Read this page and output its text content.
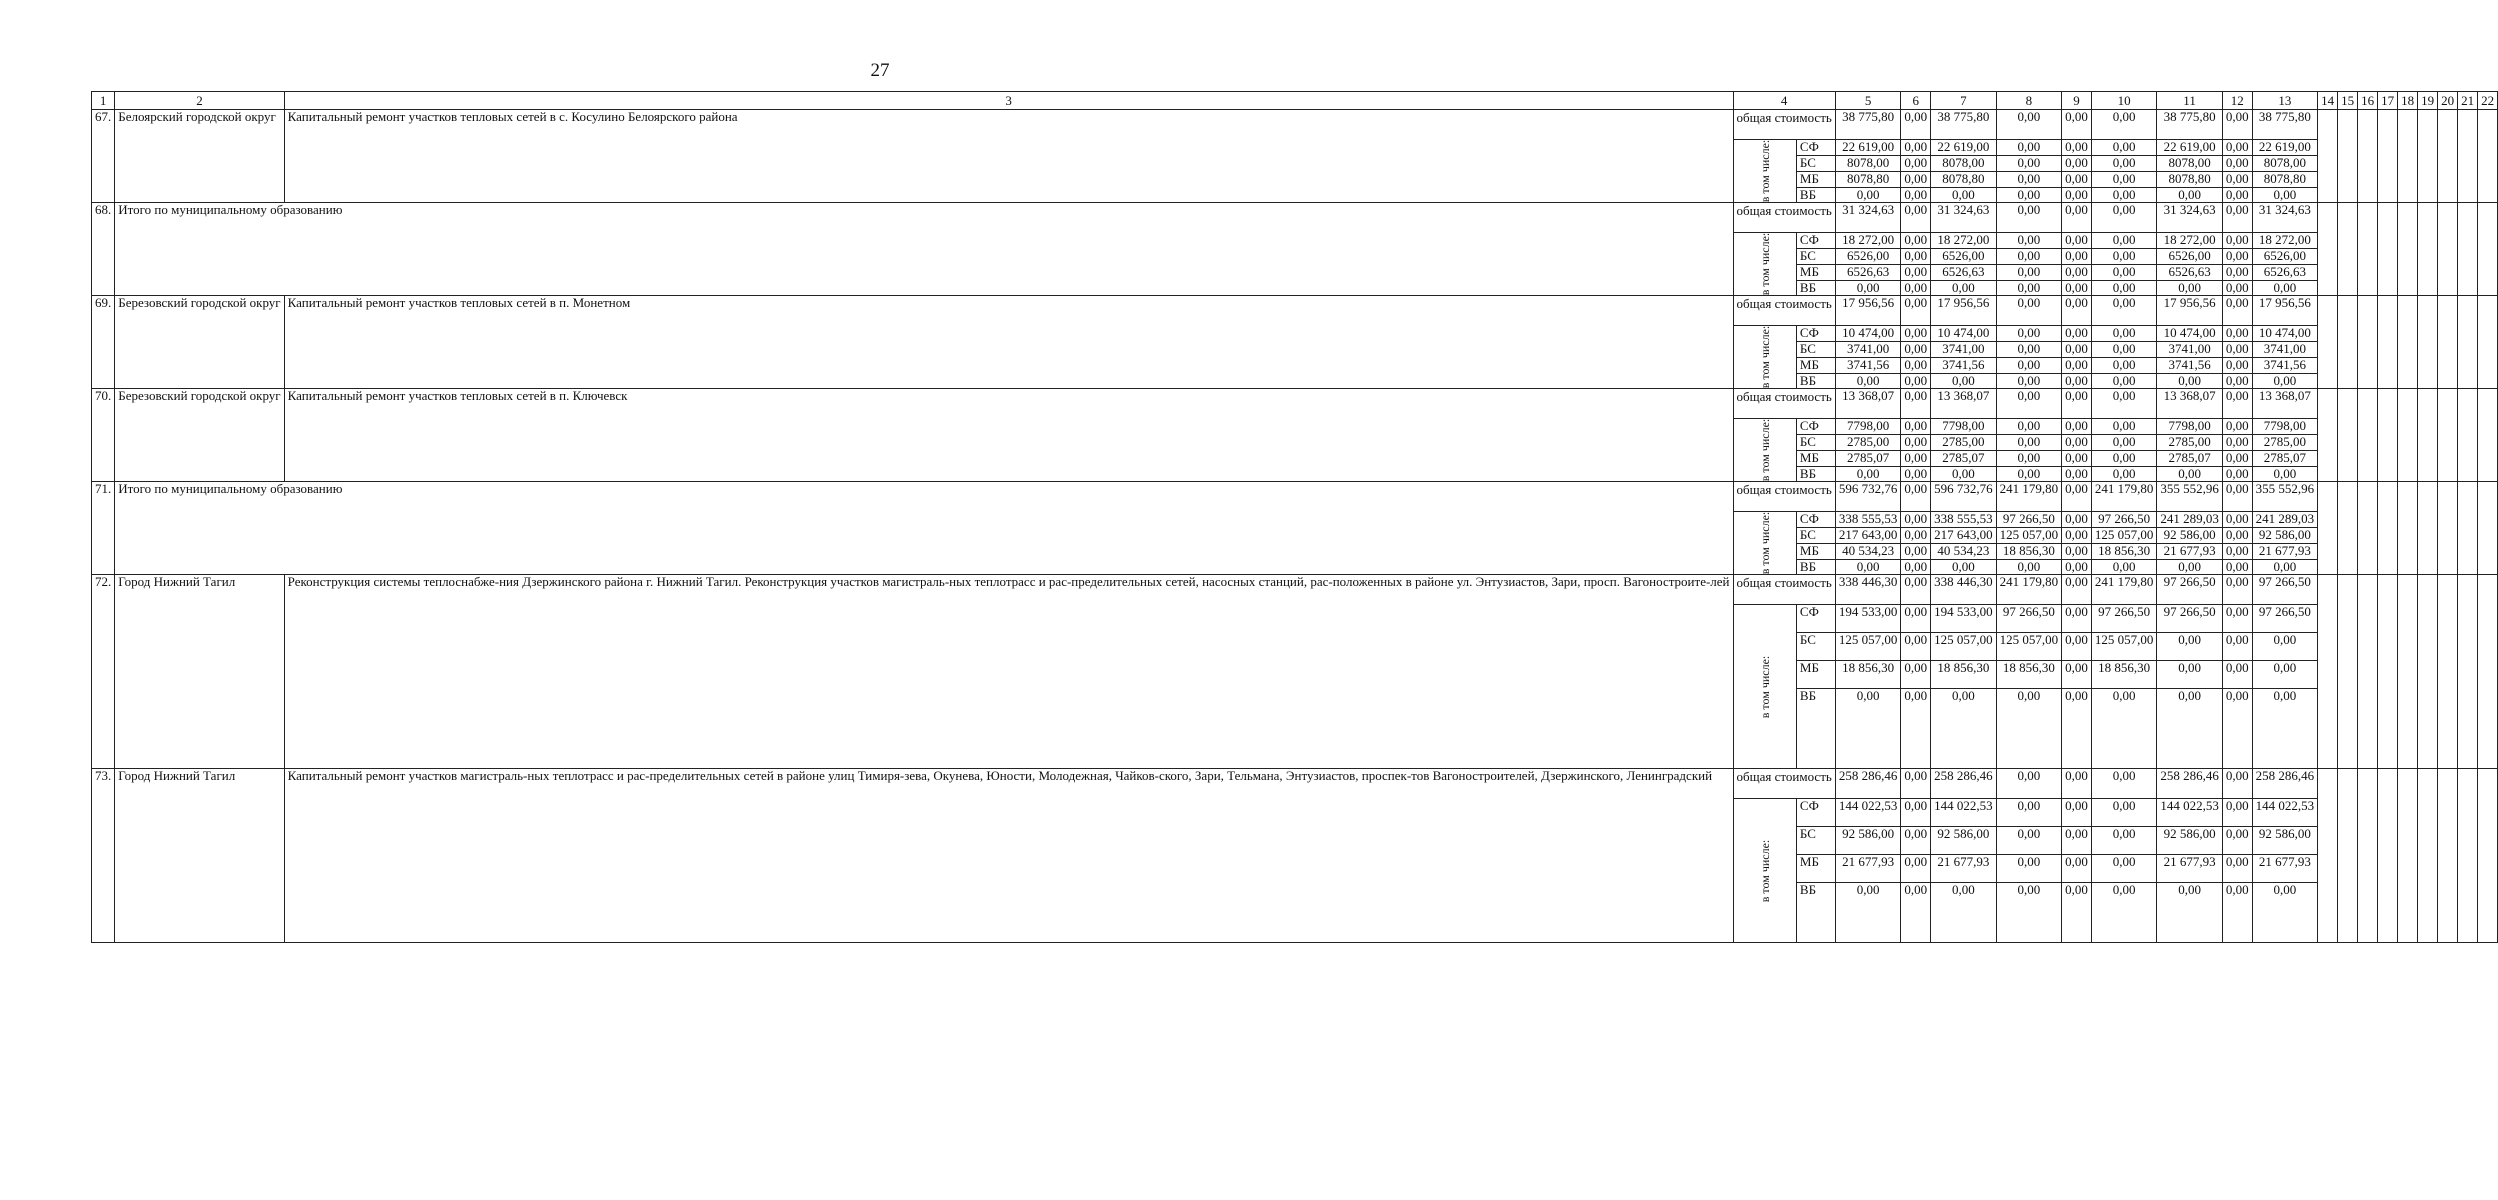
27
1	2	3	4		5	6	7	8	9	10	11	12	13	14	15	16	17	18	19	20	21	22
67.	Белоярский городской округ	Капитальный ремонт участков тепловых сетей в с. Косулино Белоярского района	общая стоимость		38 775,80	0,00	38 775,80	0,00	0,00	0,00	38 775,80	0,00	38 775,80									

			в том числе:	СФ	22 619,00	0,00	22 619,00	0,00	0,00	0,00	22 619,00	0,00	22 619,00									
				БС	8078,00	0,00	8078,00	0,00	0,00	0,00	8078,00	0,00	8078,00									
				МБ	8078,80	0,00	8078,80	0,00	0,00	0,00	8078,80	0,00	8078,80									
				ВБ	0,00	0,00	0,00	0,00	0,00	0,00	0,00	0,00	0,00									
68.	Итого по муниципальному образованию		общая стоимость		31 324,63	0,00	31 324,63	0,00	0,00	0,00	31 324,63	0,00	31 324,63									

			в том числе:	СФ	18 272,00	0,00	18 272,00	0,00	0,00	0,00	18 272,00	0,00	18 272,00									
				БС	6526,00	0,00	6526,00	0,00	0,00	0,00	6526,00	0,00	6526,00									
				МБ	6526,63	0,00	6526,63	0,00	0,00	0,00	6526,63	0,00	6526,63									
				ВБ	0,00	0,00	0,00	0,00	0,00	0,00	0,00	0,00	0,00									
69.	Березовский городской округ	Капитальный ремонт участков тепловых сетей в п. Монетном	общая стоимость		17 956,56	0,00	17 956,56	0,00	0,00	0,00	17 956,56	0,00	17 956,56									

			в том числе:	СФ	10 474,00	0,00	10 474,00	0,00	0,00	0,00	10 474,00	0,00	10 474,00									
				БС	3741,00	0,00	3741,00	0,00	0,00	0,00	3741,00	0,00	3741,00									
				МБ	3741,56	0,00	3741,56	0,00	0,00	0,00	3741,56	0,00	3741,56									
				ВБ	0,00	0,00	0,00	0,00	0,00	0,00	0,00	0,00	0,00									
70.	Березовский городской округ	Капитальный ремонт участков тепловых сетей в п. Ключевск	общая стоимость		13 368,07	0,00	13 368,07	0,00	0,00	0,00	13 368,07	0,00	13 368,07									

			в том числе:	СФ	7798,00	0,00	7798,00	0,00	0,00	0,00	7798,00	0,00	7798,00									
				БС	2785,00	0,00	2785,00	0,00	0,00	0,00	2785,00	0,00	2785,00									
				МБ	2785,07	0,00	2785,07	0,00	0,00	0,00	2785,07	0,00	2785,07									
				ВБ	0,00	0,00	0,00	0,00	0,00	0,00	0,00	0,00	0,00									
71.	Итого по муниципальному образованию		общая стоимость		596 732,76	0,00	596 732,76	241 179,80	0,00	241 179,80	355 552,96	0,00	355 552,96									

			в том числе:	СФ	338 555,53	0,00	338 555,53	97 266,50	0,00	97 266,50	241 289,03	0,00	241 289,03									
				БС	217 643,00	0,00	217 643,00	125 057,00	0,00	125 057,00	92 586,00	0,00	92 586,00									
				МБ	40 534,23	0,00	40 534,23	18 856,30	0,00	18 856,30	21 677,93	0,00	21 677,93									
				ВБ	0,00	0,00	0,00	0,00	0,00	0,00	0,00	0,00	0,00									
72.	Город Нижний Тагил	Реконструкция системы теплоснабже-ния Дзержинского района г. Нижний Тагил. Реконструкция участков магистраль-ных теплотрасс и рас-пределительных сетей, насосных станций, рас-положенных в районе ул. Энтузиастов, Зари, просп. Вагоностроите-лей	общая стоимость		338 446,30	0,00	338 446,30	241 179,80	0,00	241 179,80	97 266,50	0,00	97 266,50									

			в том числе:	СФ	194 533,00	0,00	194 533,00	97 266,50	0,00	97 266,50	97 266,50	0,00	97 266,50									
				БС	125 057,00	0,00	125 057,00	125 057,00	0,00	125 057,00	0,00	0,00	0,00									
				МБ	18 856,30	0,00	18 856,30	18 856,30	0,00	18 856,30	0,00	0,00	0,00									
				ВБ	0,00	0,00	0,00	0,00	0,00	0,00	0,00	0,00	0,00									
73.	Город Нижний Тагил	Капитальный ремонт участков магистраль-ных теплотрасс и рас-пределительных сетей в районе улиц Тимиря-зева, Окунева, Юности, Молодежная, Чайков-ского, Зари, Тельмана, Энтузиастов, проспек-тов Вагоностроителей, Дзержинского, Ленинградский	общая стоимость		258 286,46	0,00	258 286,46	0,00	0,00	0,00	258 286,46	0,00	258 286,46									

			в том числе:	СФ	144 022,53	0,00	144 022,53	0,00	0,00	0,00	144 022,53	0,00	144 022,53									
				БС	92 586,00	0,00	92 586,00	0,00	0,00	0,00	92 586,00	0,00	92 586,00									
				МБ	21 677,93	0,00	21 677,93	0,00	0,00	0,00	21 677,93	0,00	21 677,93									
				ВБ	0,00	0,00	0,00	0,00	0,00	0,00	0,00	0,00	0,00									
